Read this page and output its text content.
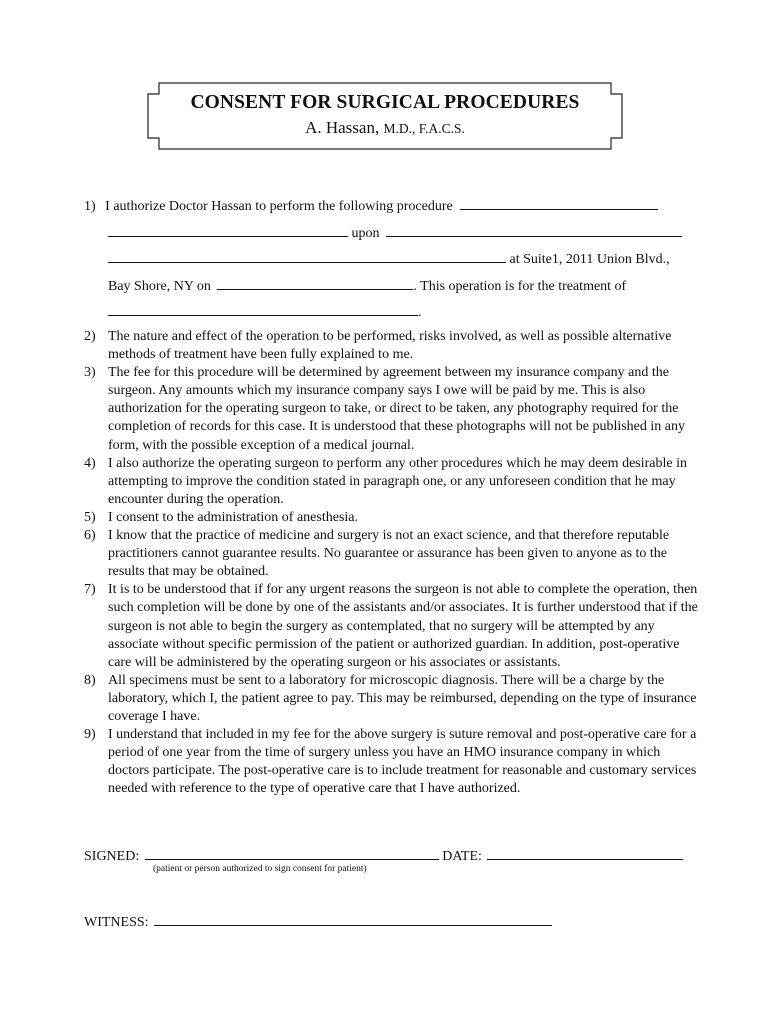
CONSENT FOR SURGICAL PROCEDURES
A. Hassan, M.D., F.A.C.S.
1) I authorize Doctor Hassan to perform the following procedure
upon
at Suite1, 2011 Union Blvd.,
Bay Shore, NY on	. This operation is for the treatment of
.
2) The nature and effect of the operation to be performed, risks involved, as well as possible alternative methods of treatment have been fully explained to me.
3) The fee for this procedure will be determined by agreement between my insurance company and the surgeon. Any amounts which my insurance company says I owe will be paid by me. This is also authorization for the operating surgeon to take, or direct to be taken, any photography required for the completion of records for this case. It is understood that these photographs will not be published in any form, with the possible exception of a medical journal.
4) I also authorize the operating surgeon to perform any other procedures which he may deem desirable in attempting to improve the condition stated in paragraph one, or any unforeseen condition that he may encounter during the operation.
5) I consent to the administration of anesthesia.
6) I know that the practice of medicine and surgery is not an exact science, and that therefore reputable practitioners cannot guarantee results. No guarantee or assurance has been given to anyone as to the results that may be obtained.
7) It is to be understood that if for any urgent reasons the surgeon is not able to complete the operation, then such completion will be done by one of the assistants and/or associates. It is further understood that if the surgeon is not able to begin the surgery as contemplated, that no surgery will be attempted by any associate without specific permission of the patient or authorized guardian. In addition, post-operative care will be administered by the operating surgeon or his associates or assistants.
8) All specimens must be sent to a laboratory for microscopic diagnosis. There will be a charge by the laboratory, which I, the patient agree to pay. This may be reimbursed, depending on the type of insurance coverage I have.
9) I understand that included in my fee for the above surgery is suture removal and post-operative care for a period of one year from the time of surgery unless you have an HMO insurance company in which doctors participate. The post-operative care is to include treatment for reasonable and customary services needed with reference to the type of operative care that I have authorized.
SIGNED:	DATE:
(patient or person authorized to sign consent for patient)
WITNESS:
